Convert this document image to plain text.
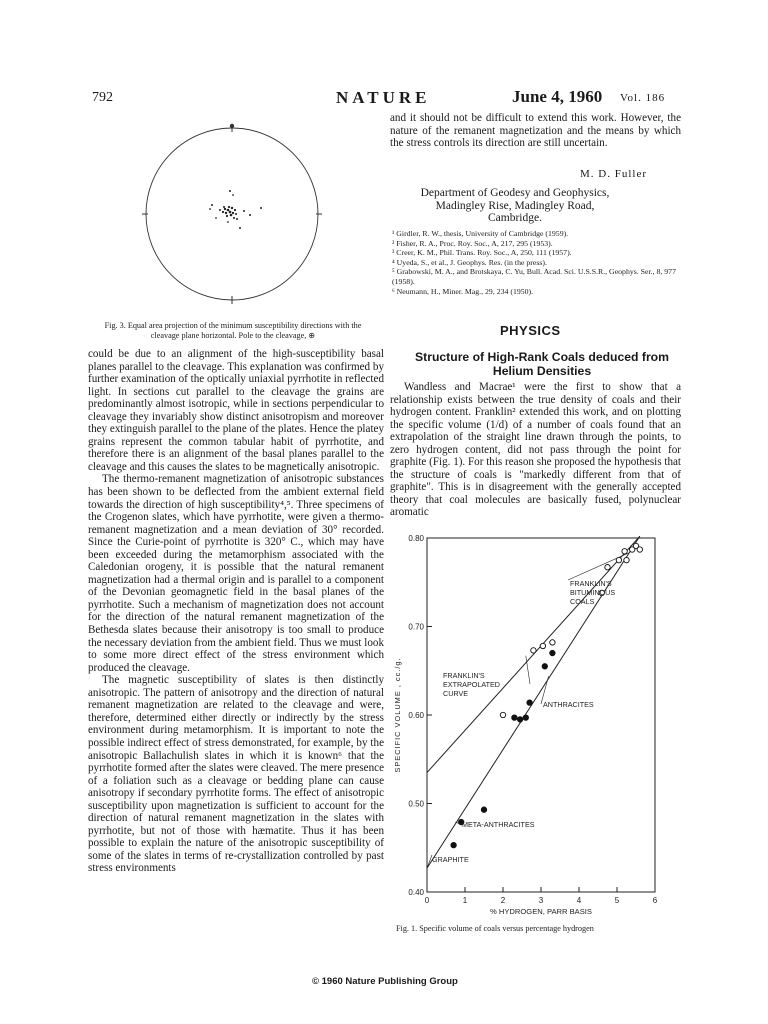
792	NATURE	June 4, 1960 Vol. 186
Fig. 3. Equal area projection of the minimum susceptibility directions with the cleavage plane horizontal. Pole to the cleavage, ⊕

could be due to an alignment of the high-susceptibility basal planes parallel to the cleavage. This explanation was confirmed by further examination of the optically uniaxial pyrrhotite in reflected light. In sections cut parallel to the cleavage the grains are predominantly almost isotropic, while in sections perpendicular to cleavage they invariably show distinct anisotropism and moreover they extinguish parallel to the plane of the plates. Hence the platey grains represent the common tabular habit of pyrrhotite, and therefore there is an alignment of the basal planes parallel to the cleavage and this causes the slates to be magnetically anisotropic.

The thermo-remanent magnetization of anisotropic substances has been shown to be deflected from the ambient external field towards the direction of high susceptibility⁴,⁵. Three specimens of the Crogenon slates, which have pyrrhotite, were given a thermo-remanent magnetization and a mean deviation of 30° recorded. Since the Curie-point of pyrrhotite is 320° C., which may have been exceeded during the metamorphism associated with the Caledonian orogeny, it is possible that the natural remanent magnetization had a thermal origin and is parallel to a component of the Devonian geomagnetic field in the basal planes of the pyrrhotite. Such a mechanism of magnetization does not account for the direction of the natural remanent magnetization of the Bethesda slates because their anisotropy is too small to produce the necessary deviation from the ambient field. Thus we must look to some more direct effect of the stress environment which produced the cleavage.

The magnetic susceptibility of slates is then distinctly anisotropic. The pattern of anisotropy and the direction of natural remanent magnetization are related to the cleavage and were, therefore, determined either directly or indirectly by the stress environment during metamorphism. It is important to note the possible indirect effect of stress demonstrated, for example, by the anisotropic Ballachulish slates in which it is known⁶ that the pyrrhotite formed after the slates were cleaved. The mere presence of a foliation such as a cleavage or bedding plane can cause anisotropy if secondary pyrrhotite forms. The effect of anisotropic susceptibility upon magnetization is sufficient to account for the direction of natural remanent magnetization in the slates with pyrrhotite, but not of those with hæmatite. Thus it has been possible to explain the nature of the anisotropic susceptibility of some of the slates in terms of re-crystallization controlled by past stress environments

and it should not be difficult to extend this work. However, the nature of the remanent magnetization and the means by which the stress controls its direction are still uncertain.

M. D. Fuller
Department of Geodesy and Geophysics,
Madingley Rise, Madingley Road,
Cambridge.
¹ Girdler, R. W., thesis, University of Cambridge (1959).
² Fisher, R. A., Proc. Roy. Soc., A, 217, 295 (1953).
³ Creer, K. M., Phil. Trans. Roy. Soc., A, 250, 111 (1957).
⁴ Uyeda, S., et al., J. Geophys. Res. (in the press).
⁵ Grabowski, M. A., and Brotskaya, C. Yu, Bull. Acad. Sci. U.S.S.R., Geophys. Ser., 8, 977 (1958).
⁶ Neumann, H., Miner. Mag., 29, 234 (1950).
PHYSICS
Structure of High-Rank Coals deduced from Helium Densities

Wandless and Macrae¹ were the first to show that a relationship exists between the true density of coals and their hydrogen content. Franklin² extended this work, and on plotting the specific volume (1/d) of a number of coals found that an extrapolation of the straight line drawn through the points, to zero hydrogen content, did not pass through the point for graphite (Fig. 1). For this reason she proposed the hypothesis that the structure of coals is "markedly different from that of graphite". This is in disagreement with the generally accepted theory that coal molecules are basically fused, polynuclear aromatic

0	1	2	3	4	5	6
0.40
0.50
0.60
0.70
0.80
% HYDROGEN, PARR BASIS
SPECIFIC VOLUME , cc./g.
FRANKLIN'S
BITUMINOUS
COALS
FRANKLIN'S
EXTRAPOLATED
CURVE
ANTHRACITES
META-ANTHRACITES
GRAPHITE
Fig. 1. Specific volume of coals versus percentage hydrogen
© 1960 Nature Publishing Group
